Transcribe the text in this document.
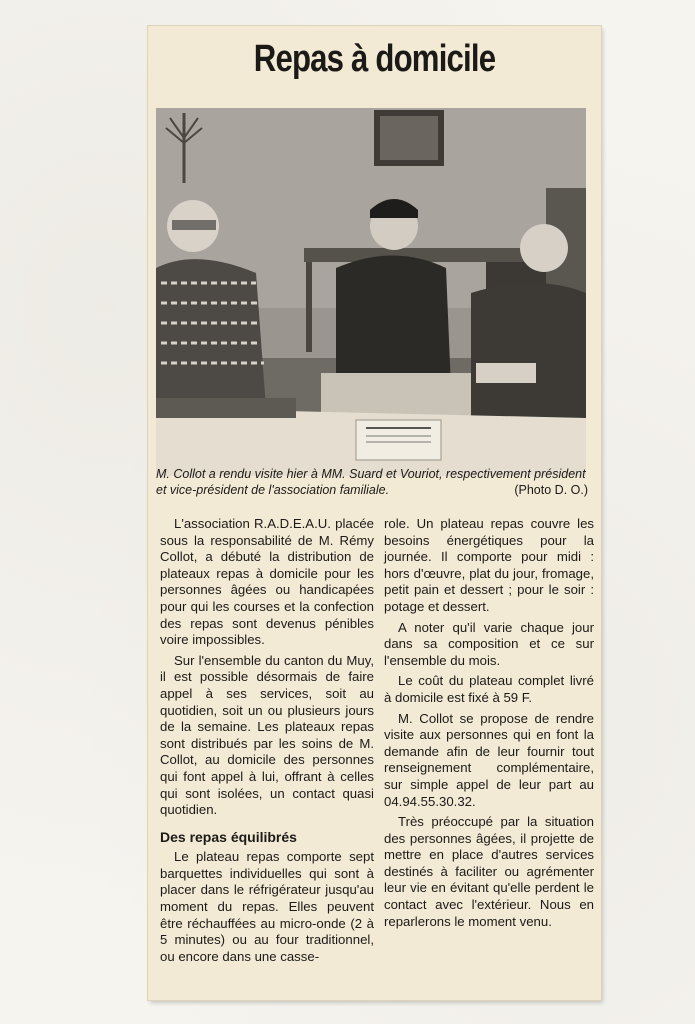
Repas à domicile
M. Collot a rendu visite hier à MM. Suard et Vouriot, respectivement président et vice-président de l'association familiale.	(Photo D. O.)

L'association R.A.D.E.A.U. placée sous la responsabilité de M. Rémy Collot, a débuté la distribution de plateaux repas à domicile pour les personnes âgées ou handicapées pour qui les courses et la confection des repas sont devenus pénibles voire impossibles.

Sur l'ensemble du canton du Muy, il est possible désormais de faire appel à ses services, soit au quotidien, soit un ou plusieurs jours de la semaine. Les plateaux repas sont distribués par les soins de M. Collot, au domicile des personnes qui font appel à lui, offrant à celles qui sont isolées, un contact quasi quotidien.

Des repas équilibrés

Le plateau repas comporte sept barquettes individuelles qui sont à placer dans le réfrigérateur jusqu'au moment du repas. Elles peuvent être réchauffées au micro-onde (2 à 5 minutes) ou au four traditionnel, ou encore dans une casse-

role. Un plateau repas couvre les besoins énergétiques pour la journée. Il comporte pour midi : hors d'œuvre, plat du jour, fromage, petit pain et dessert ; pour le soir : potage et dessert.

A noter qu'il varie chaque jour dans sa composition et ce sur l'ensemble du mois.

Le coût du plateau complet livré à domicile est fixé à 59 F.

M. Collot se propose de rendre visite aux personnes qui en font la demande afin de leur fournir tout renseignement complémentaire, sur simple appel de leur part au 04.94.55.30.32.

Très préoccupé par la situation des personnes âgées, il projette de mettre en place d'autres services destinés à faciliter ou agrémenter leur vie en évitant qu'elle perdent le contact avec l'extérieur. Nous en reparlerons le moment venu.
